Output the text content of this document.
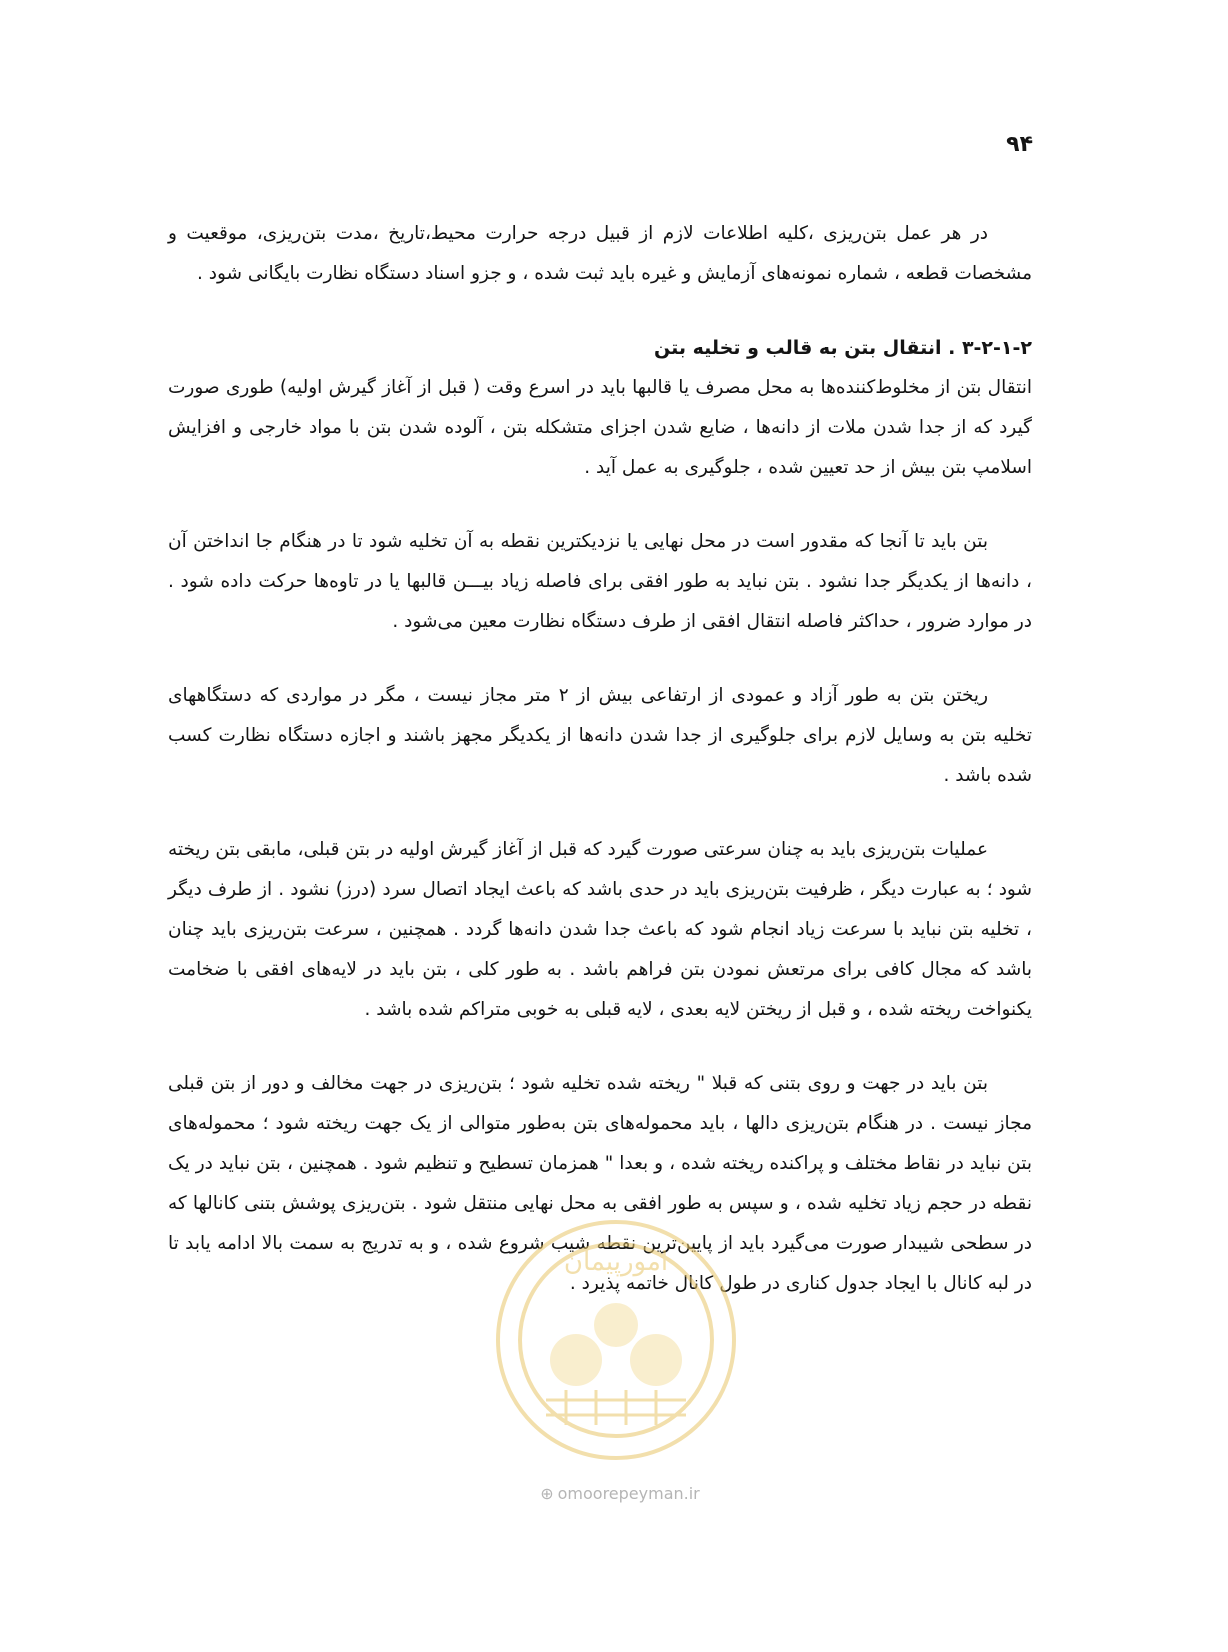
۹۴

در هر عمل بتن‌ریزی ،کلیه اطلاعات لازم از قبیل درجه حرارت محیط،تاریخ ،مدت بتن‌ریزی، موقعیت و مشخصات قطعه ، شماره نمونه‌های آزمایش و غیره باید ثبت شده ، و جزو اسناد دستگاه نظارت بایگانی شود .

۳-۲-۱-۲ . انتقال بتن به قالب و تخلیه بتن

انتقال بتن از مخلوط‌کننده‌ها به محل مصرف یا قالبها باید در اسرع وقت ( قبل از آغاز گیرش اولیه) طوری صورت گیرد که از جدا شدن ملات از دانه‌ها ، ضایع شدن اجزای متشکله بتن ، آلوده شدن بتن با مواد خارجی و افزایش اسلامپ بتن بیش از حد تعیین شده ، جلوگیری به عمل آید .

بتن باید تا آنجا که مقدور است در محل نهایی یا نزدیکترین نقطه به آن تخلیه شود تا در هنگام جا انداختن آن ، دانه‌ها از یکدیگر جدا نشود . بتن نباید به طور افقی برای فاصله زیاد بیـــن قالبها یا در تاوه‌ها حرکت داده شود . در موارد ضرور ، حداکثر فاصله انتقال افقی از طرف دستگاه نظارت معین می‌شود .

ریختن بتن به طور آزاد و عمودی از ارتفاعی بیش از ۲ متر مجاز نیست ، مگر در مواردی که دستگاههای تخلیه بتن به وسایل لازم برای جلوگیری از جدا شدن دانه‌ها از یکدیگر مجهز باشند و اجازه دستگاه نظارت کسب شده باشد .

عملیات بتن‌ریزی باید به چنان سرعتی صورت گیرد که قبل از آغاز گیرش اولیه در بتن قبلی، مابقی بتن ریخته شود ؛ به عبارت دیگر ، ظرفیت بتن‌ریزی باید در حدی باشد که باعث ایجاد اتصال سرد (درز) نشود . از طرف دیگر ، تخلیه بتن نباید با سرعت زیاد انجام شود که باعث جدا شدن دانه‌ها گردد . همچنین ، سرعت بتن‌ریزی باید چنان باشد که مجال کافی برای مرتعش نمودن بتن فراهم باشد . به طور کلی ، بتن باید در لایه‌های افقی با ضخامت یکنواخت ریخته شده ، و قبل از ریختن لایه بعدی ، لایه قبلی به خوبی متراکم شده باشد .

بتن باید در جهت و روی بتنی که قبلا " ریخته شده تخلیه شود ؛ بتن‌ریزی در جهت مخالف و دور از بتن قبلی مجاز نیست . در هنگام بتن‌ریزی دالها ، باید محموله‌های بتن به‌طور متوالی از یک جهت ریخته شود ؛ محموله‌های بتن نباید در نقاط مختلف و پراکنده ریخته شده ، و بعدا " همزمان تسطیح و تنظیم شود . همچنین ، بتن نباید در یک نقطه در حجم زیاد تخلیه شده ، و سپس به طور افقی به محل نهایی منتقل شود . بتن‌ریزی پوشش بتنی کانالها که در سطحی شیبدار صورت می‌گیرد باید از پایین‌ترین نقطه شیب شروع شده ، و به تدریج به سمت بالا ادامه یابد تا در لبه کانال با ایجاد جدول کناری در طول کانال خاتمه پذیرد .

امورپیمان
⊕ omoorepeyman.ir
